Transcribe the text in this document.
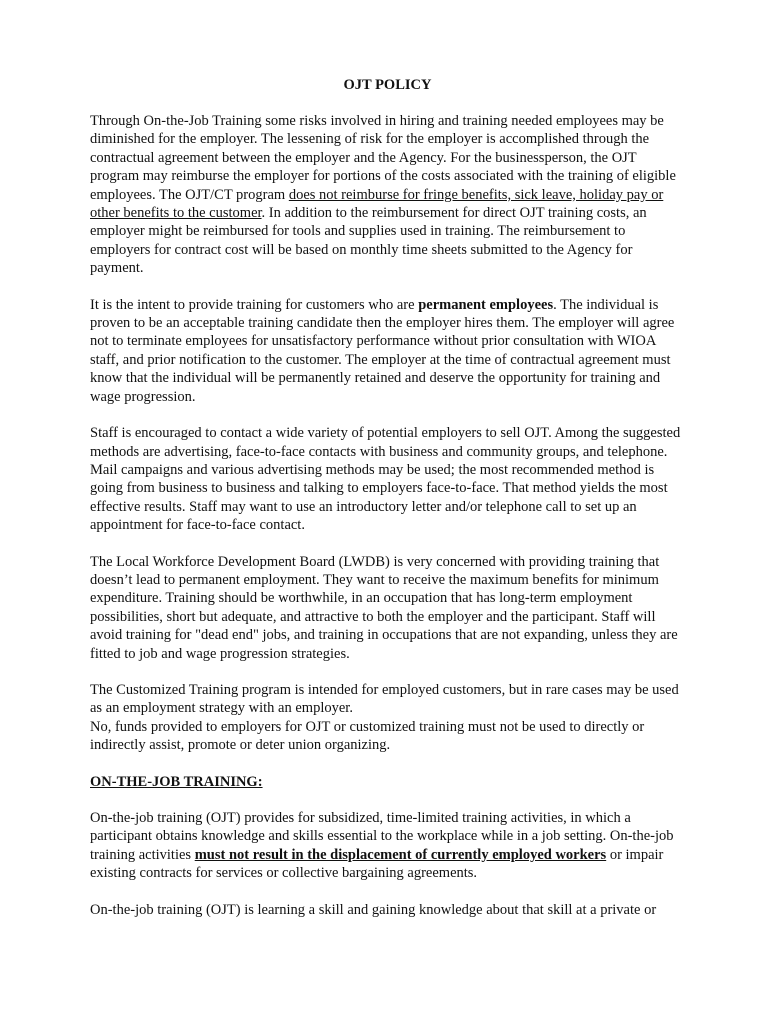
OJT POLICY

Through On-the-Job Training some risks involved in hiring and training needed employees may be diminished for the employer. The lessening of risk for the employer is accomplished through the contractual agreement between the employer and the Agency. For the businessperson, the OJT program may reimburse the employer for portions of the costs associated with the training of eligible employees. The OJT/CT program does not reimburse for fringe benefits, sick leave, holiday pay or other benefits to the customer. In addition to the reimbursement for direct OJT training costs, an employer might be reimbursed for tools and supplies used in training. The reimbursement to employers for contract cost will be based on monthly time sheets submitted to the Agency for payment.

It is the intent to provide training for customers who are permanent employees. The individual is proven to be an acceptable training candidate then the employer hires them. The employer will agree not to terminate employees for unsatisfactory performance without prior consultation with WIOA staff, and prior notification to the customer. The employer at the time of contractual agreement must know that the individual will be permanently retained and deserve the opportunity for training and wage progression.

Staff is encouraged to contact a wide variety of potential employers to sell OJT. Among the suggested methods are advertising, face-to-face contacts with business and community groups, and telephone. Mail campaigns and various advertising methods may be used; the most recommended method is going from business to business and talking to employers face-to-face. That method yields the most effective results. Staff may want to use an introductory letter and/or telephone call to set up an appointment for face-to-face contact.

The Local Workforce Development Board (LWDB) is very concerned with providing training that doesn’t lead to permanent employment. They want to receive the maximum benefits for minimum expenditure. Training should be worthwhile, in an occupation that has long-term employment possibilities, short but adequate, and attractive to both the employer and the participant. Staff will avoid training for "dead end" jobs, and training in occupations that are not expanding, unless they are fitted to job and wage progression strategies.

The Customized Training program is intended for employed customers, but in rare cases may be used as an employment strategy with an employer.

No, funds provided to employers for OJT or customized training must not be used to directly or indirectly assist, promote or deter union organizing.

ON-THE-JOB TRAINING:

On-the-job training (OJT) provides for subsidized, time-limited training activities, in which a participant obtains knowledge and skills essential to the workplace while in a job setting. On-the-job training activities must not result in the displacement of currently employed workers or impair existing contracts for services or collective bargaining agreements.

On-the-job training (OJT) is learning a skill and gaining knowledge about that skill at a private or
